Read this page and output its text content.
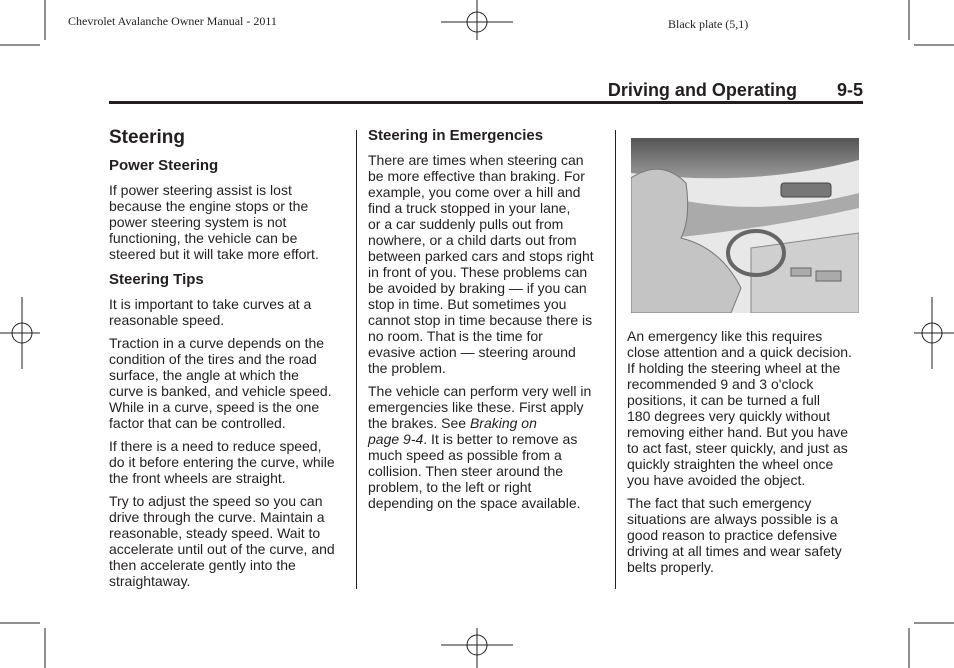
Chevrolet Avalanche Owner Manual - 2011	Black plate (5,1)
Driving and Operating 9-5
Steering
Power Steering

If power steering assist is lost
because the engine stops or the
power steering system is not
functioning, the vehicle can be
steered but it will take more effort.

Steering Tips

It is important to take curves at a
reasonable speed.

Traction in a curve depends on the
condition of the tires and the road
surface, the angle at which the
curve is banked, and vehicle speed.
While in a curve, speed is the one
factor that can be controlled.

If there is a need to reduce speed,
do it before entering the curve, while
the front wheels are straight.

Try to adjust the speed so you can
drive through the curve. Maintain a
reasonable, steady speed. Wait to
accelerate until out of the curve, and
then accelerate gently into the
straightaway.

Steering in Emergencies

There are times when steering can
be more effective than braking. For
example, you come over a hill and
find a truck stopped in your lane,
or a car suddenly pulls out from
nowhere, or a child darts out from
between parked cars and stops right
in front of you. These problems can
be avoided by braking — if you can
stop in time. But sometimes you
cannot stop in time because there is
no room. That is the time for
evasive action — steering around
the problem.

The vehicle can perform very well in
emergencies like these. First apply
the brakes. See Braking on
page 9-4. It is better to remove as
much speed as possible from a
collision. Then steer around the
problem, to the left or right
depending on the space available.

An emergency like this requires
close attention and a quick decision.
If holding the steering wheel at the
recommended 9 and 3 o'clock
positions, it can be turned a full
180 degrees very quickly without
removing either hand. But you have
to act fast, steer quickly, and just as
quickly straighten the wheel once
you have avoided the object.

The fact that such emergency
situations are always possible is a
good reason to practice defensive
driving at all times and wear safety
belts properly.
